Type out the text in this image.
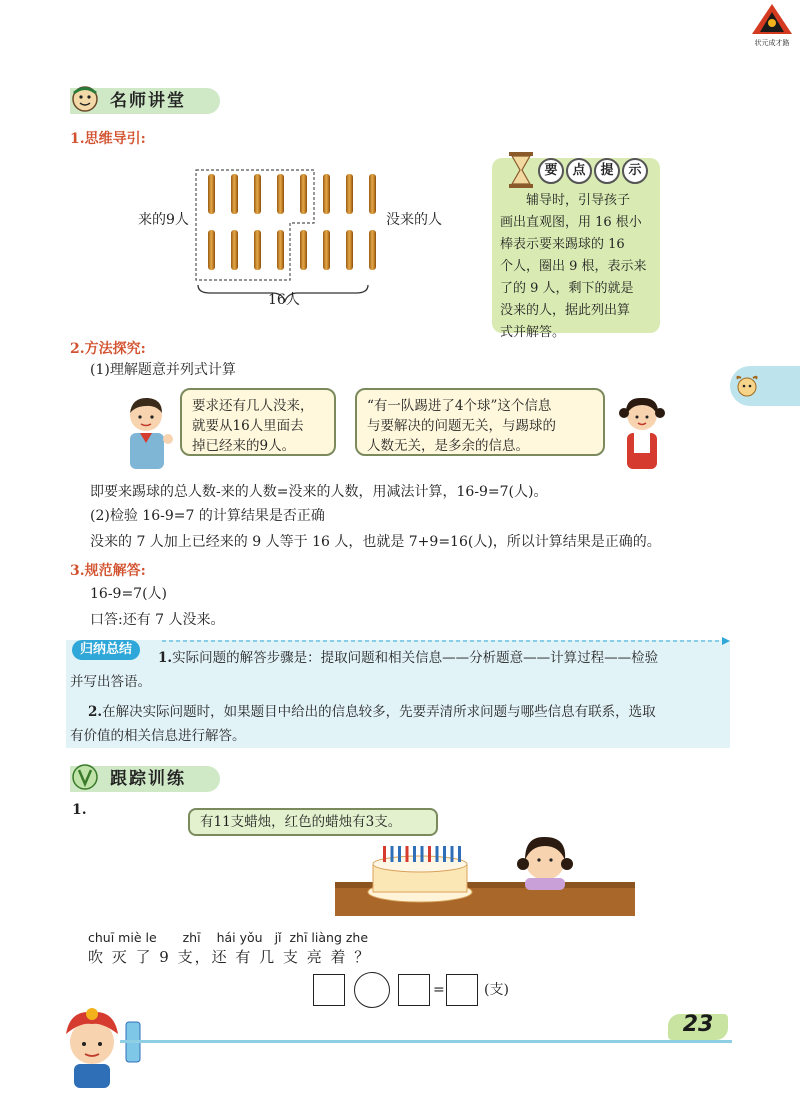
状元成才路
名师讲堂
1.思维导引:
来的9人	没来的人
16人
要 点 提 示
辅导时，引导孩子
画出直观图，用 16 根小
棒表示要来踢球的 16
个人，圈出 9 根，表示来
了的 9 人，剩下的就是
没来的人，据此列出算
式并解答。
2.方法探究:
(1)理解题意并列式计算
要求还有几人没来，
就要从16人里面去
掉已经来的9人。
“有一队踢进了4个球”这个信息
与要解决的问题无关，与踢球的
人数无关，是多余的信息。
即要来踢球的总人数-来的人数=没来的人数，用减法计算，16-9=7(人)。
(2)检验 16-9=7 的计算结果是否正确
没来的 7 人加上已经来的 9 人等于 16 人，也就是 7+9=16(人)，所以计算结果是正确的。
3.规范解答:
16-9=7(人)
口答:还有 7 人没来。
归纳总结
1.实际问题的解答步骤是：提取问题和相关信息——分析题意——计算过程——检验
并写出答语。
2.在解决实际问题时，如果题目中给出的信息较多，先要弄清所求问题与哪些信息有联系，选取
有价值的相关信息进行解答。
跟踪训练
1.
有11支蜡烛，红色的蜡烛有3支。
chuī miè le zhī hái yǒu jǐ zhī liàng zhe
吹 灭 了 9 支，还 有 几 支 亮 着 ？
=	(支)
23
